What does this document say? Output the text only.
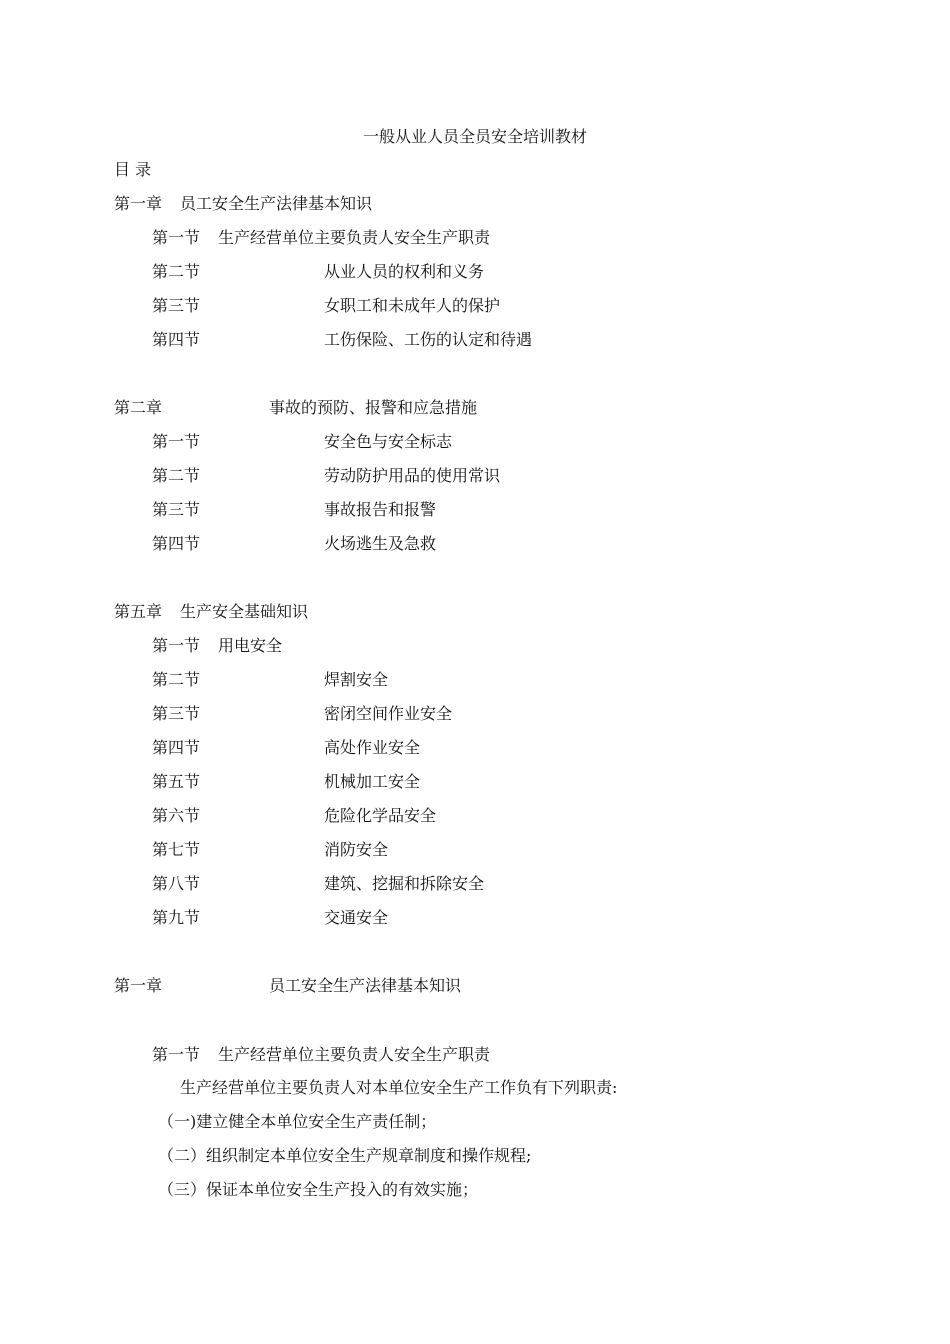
一般从业人员全员安全培训教材
目 录
第一章 员工安全生产法律基本知识
第一节 生产经营单位主要负责人安全生产职责
第二节	从业人员的权利和义务
第三节	女职工和未成年人的保护
第四节	工伤保险、工伤的认定和待遇
第二章	事故的预防、报警和应急措施
第一节	安全色与安全标志
第二节	劳动防护用品的使用常识
第三节	事故报告和报警
第四节	火场逃生及急救
第五章 生产安全基础知识
第一节 用电安全
第二节	焊割安全
第三节	密闭空间作业安全
第四节	高处作业安全
第五节	机械加工安全
第六节	危险化学品安全
第七节	消防安全
第八节	建筑、挖掘和拆除安全
第九节	交通安全
第一章	员工安全生产法律基本知识
第一节 生产经营单位主要负责人安全生产职责
生产经营单位主要负责人对本单位安全生产工作负有下列职责:
（一)建立健全本单位安全生产责任制；
（二）组织制定本单位安全生产规章制度和操作规程;
（三）保证本单位安全生产投入的有效实施；
